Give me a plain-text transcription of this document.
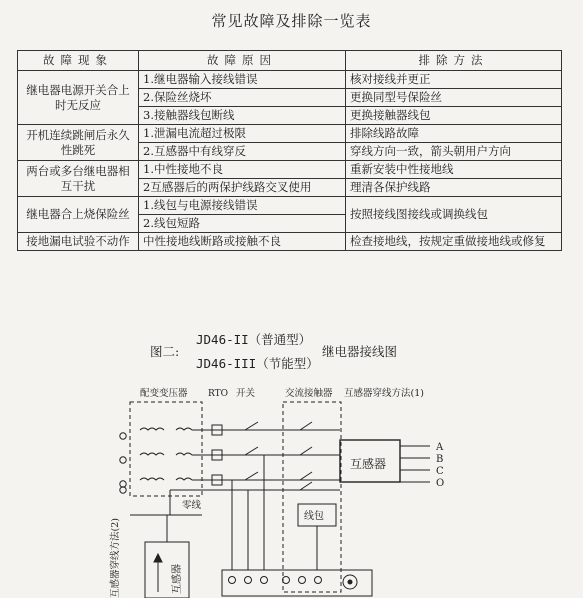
常见故障及排除一览表
故障现象	故障原因	排除方法
继电器电源开关合上时无反应	1.继电器输入接线错误	核对接线并更正
	2.保险丝烧坏	更换同型号保险丝
	3.接触器线包断线	更换接触器线包
开机连续跳闸后永久性跳死	1.泄漏电流超过极限	排除线路故障
	2.互感器中有线穿反	穿线方向一致，箭头朝用户方向
两台或多台继电器相互干扰	1.中性接地不良	重新安装中性接地线
	2互感器后的两保护线路交叉使用	理清各保护线路
继电器合上烧保险丝	1.线包与电源接线错误	按照接线图接线或调换线包
	2.线包短路	
接地漏电试验不动作	中性接地线断路或接触不良	检查接地线，按规定重做接地线或修复
图二:
JD46-II（普通型）
JD46-III（节能型）
继电器接线图
配变变压器 RTO 开关	交流接触器 互感器穿线方法(1)
互感器
A
B
C
O
零线
线包
互感器穿线方法(2)	互感器
